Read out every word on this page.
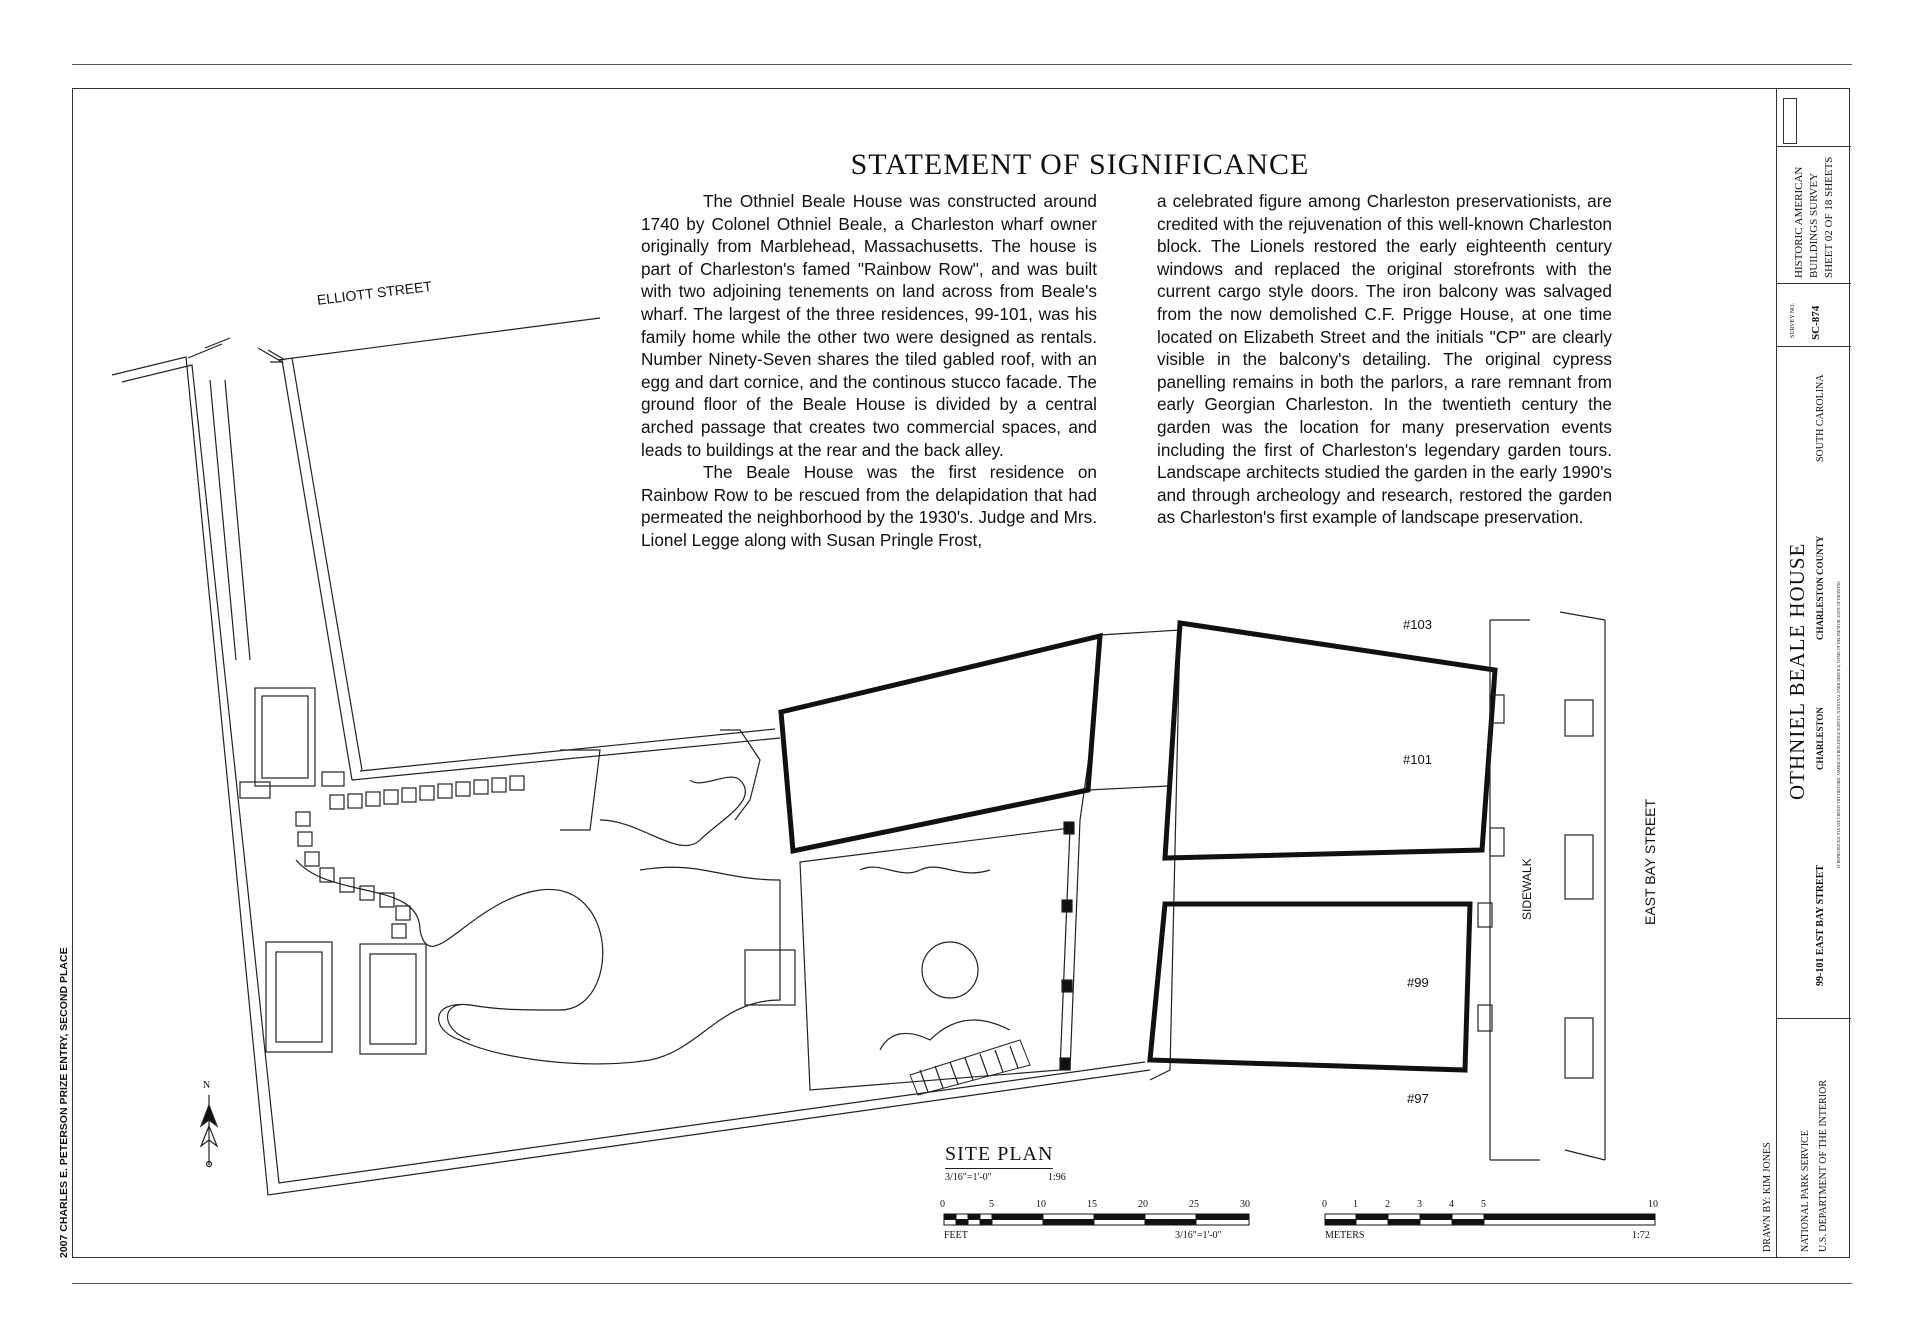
2007 CHARLES E. PETERSON PRIZE ENTRY, SECOND PLACE
STATEMENT OF SIGNIFICANCE

The Othniel Beale House was constructed around 1740 by Colonel Othniel Beale, a Charleston wharf owner originally from Marblehead, Massachusetts. The house is part of Charleston's famed "Rainbow Row", and was built with two adjoining tenements on land across from Beale's wharf. The largest of the three residences, 99-101, was his family home while the other two were designed as rentals. Number Ninety-Seven shares the tiled gabled roof, with an egg and dart cornice, and the continous stucco facade. The ground floor of the Beale House is divided by a central arched passage that creates two commercial spaces, and leads to buildings at the rear and the back alley.

The Beale House was the first residence on Rainbow Row to be rescued from the delapidation that had permeated the neighborhood by the 1930's. Judge and Mrs. Lionel Legge along with Susan Pringle Frost,

a celebrated figure among Charleston preservationists, are credited with the rejuvenation of this well-known Charleston block. The Lionels restored the early eighteenth century windows and replaced the original storefronts with the current cargo style doors. The iron balcony was salvaged from the now demolished C.F. Prigge House, at one time located on Elizabeth Street and the initials "CP" are clearly visible in the balcony's detailing. The original cypress panelling remains in both the parlors, a rare remnant from early Georgian Charleston. In the twentieth century the garden was the location for many preservation events including the first of Charleston's legendary garden tours. Landscape architects studied the garden in the early 1990's and through archeology and research, restored the garden as Charleston's first example of landscape preservation.

ELLIOTT STREET
EAST BAY STREET
SIDEWALK
#103
#101
#99
#97
N
SITE PLAN
3/16"=1'-0"	1:96
0	5	10	15	20	25	30
FEET	3/16"=1'-0"
0	1	2	3	4	5	10
METERS	1:72
HISTORIC AMERICAN BUILDINGS SURVEY SHEET 02 OF 18 SHEETS
SURVEY NO. SC-874
SOUTH CAROLINA
OTHNIEL BEALE HOUSE CHARLESTON
CHARLESTON COUNTY
99-101 EAST BAY STREET
IF REPRODUCED, PLEASE CREDIT THE HISTORIC AMERICAN BUILDINGS SURVEY, NATIONAL PARK SERVICE, NAME OF DELINEATOR, DATE OF DRAWING
NATIONAL PARK SERVICE U.S. DEPARTMENT OF THE INTERIOR
DRAWN BY: KIM JONES
